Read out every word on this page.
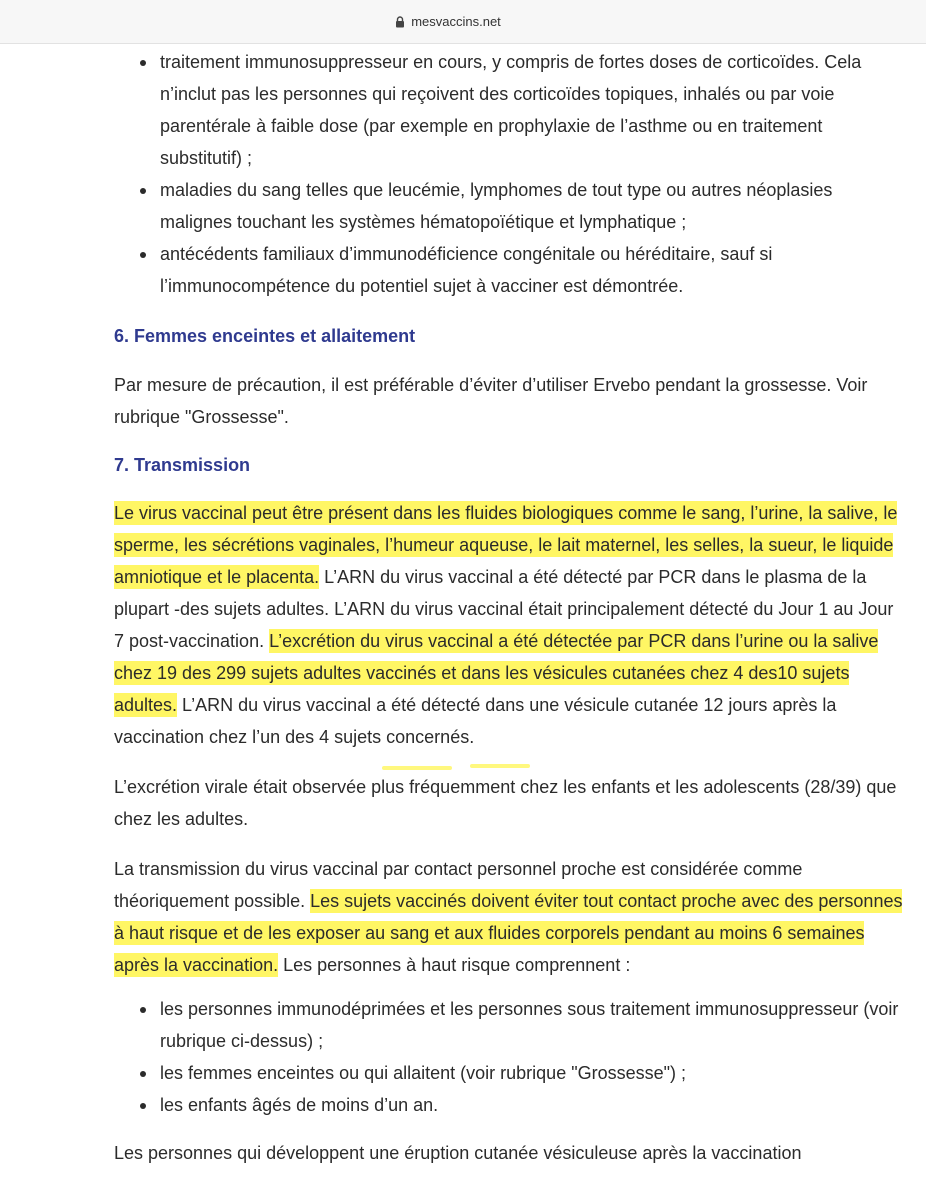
mesvaccins.net
traitement immunosuppresseur en cours, y compris de fortes doses de corticoïdes. Cela n’inclut pas les personnes qui reçoivent des corticoïdes topiques, inhalés ou par voie parentérale à faible dose (par exemple en prophylaxie de l’asthme ou en traitement substitutif) ;
maladies du sang telles que leucémie, lymphomes de tout type ou autres néoplasies malignes touchant les systèmes hématopoïétique et lymphatique ;
antécédents familiaux d’immunodéficience congénitale ou héréditaire, sauf si l’immunocompétence du potentiel sujet à vacciner est démontrée.
6. Femmes enceintes et allaitement

Par mesure de précaution, il est préférable d’éviter d’utiliser Ervebo pendant la grossesse. Voir rubrique "Grossesse".

7. Transmission

Le virus vaccinal peut être présent dans les fluides biologiques comme le sang, l’urine, la salive, le sperme, les sécrétions vaginales, l’humeur aqueuse, le lait maternel, les selles, la sueur, le liquide amniotique et le placenta. L’ARN du virus vaccinal a été détecté par PCR dans le plasma de la plupart -des sujets adultes. L’ARN du virus vaccinal était principalement détecté du Jour 1 au Jour 7 post-vaccination. L’excrétion du virus vaccinal a été détectée par PCR dans l’urine ou la salive chez 19 des 299 sujets adultes vaccinés et dans les vésicules cutanées chez 4 des10 sujets adultes. L’ARN du virus vaccinal a été détecté dans une vésicule cutanée 12 jours après la vaccination chez l’un des 4 sujets concernés.

L’excrétion virale était observée plus fréquemment chez les enfants et les adolescents (28/39) que chez les adultes.

La transmission du virus vaccinal par contact personnel proche est considérée comme théoriquement possible. Les sujets vaccinés doivent éviter tout contact proche avec des personnes à haut risque et de les exposer au sang et aux fluides corporels pendant au moins 6 semaines après la vaccination. Les personnes à haut risque comprennent :

les personnes immunodéprimées et les personnes sous traitement immunosuppresseur (voir rubrique ci-dessus) ;
les femmes enceintes ou qui allaitent (voir rubrique "Grossesse") ;
les enfants âgés de moins d’un an.

Les personnes qui développent une éruption cutanée vésiculeuse après la vaccination
